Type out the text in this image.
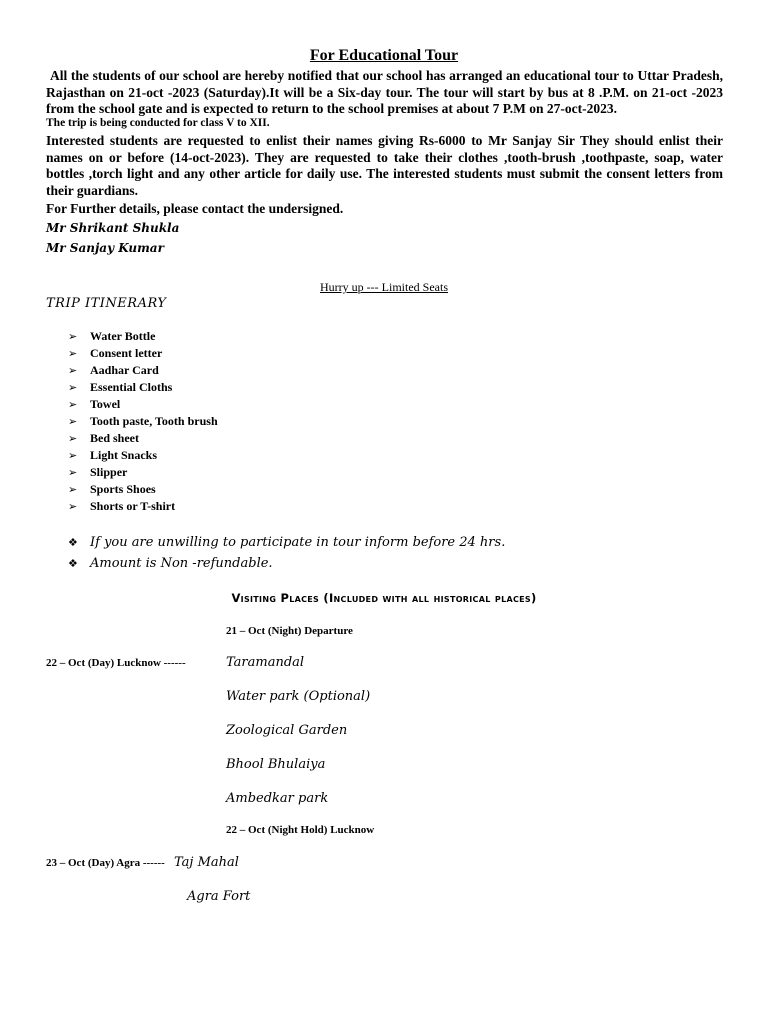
For Educational Tour

All the students of our school are hereby notified that our school has arranged an educational tour to Uttar Pradesh, Rajasthan on 21-oct -2023 (Saturday).It will be a Six-day tour. The tour will start by bus at 8 .P.M. on 21-oct -2023 from the school gate and is expected to return to the school premises at about 7 P.M on 27-oct-2023.

The trip is being conducted for class V to XII.

Interested students are requested to enlist their names giving Rs-6000 to Mr Sanjay Sir They should enlist their names on or before (14-oct-2023). They are requested to take their clothes ,tooth-brush ,toothpaste, soap, water bottles ,torch light and any other article for daily use. The interested students must submit the consent letters from their guardians.

For Further details, please contact the undersigned.
Mr Shrikant Shukla
Mr Sanjay Kumar
Hurry up --- Limited Seats
TRIP ITINERARY
➢ Water Bottle
➢ Consent letter
➢ Aadhar Card
➢ Essential Cloths
➢ Towel
➢ Tooth paste, Tooth brush
➢ Bed sheet
➢ Light Snacks
➢ Slipper
➢ Sports Shoes
➢ Shorts or T-shirt
❖ If you are unwilling to participate in tour inform before 24 hrs.
❖ Amount is Non -refundable.
Visiting Places (Included with all historical places)
21 – Oct (Night) Departure
22 – Oct (Day) Lucknow ------	Taramandal
Water park (Optional)
Zoological Garden
Bhool Bhulaiya
Ambedkar park
22 – Oct (Night Hold) Lucknow
23 – Oct (Day) Agra ------ Taj Mahal
Agra Fort
